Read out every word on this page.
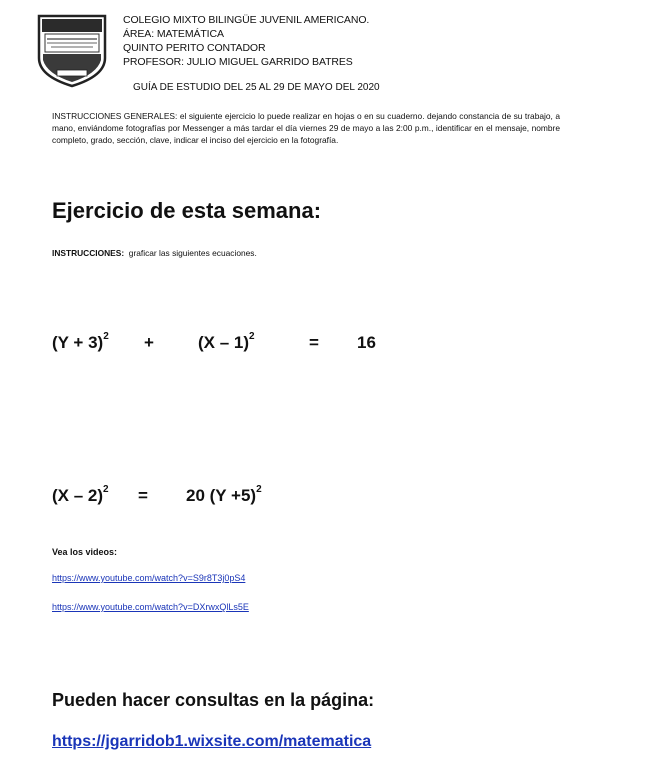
COLEGIO MIXTO BILINGÜE JUVENIL AMERICANO.
ÁREA: MATEMÁTICA
QUINTO PERITO CONTADOR
PROFESOR: JULIO MIGUEL GARRIDO BATRES
GUÍA DE ESTUDIO DEL 25 AL 29 DE MAYO DEL 2020
INSTRUCCIONES GENERALES: el siguiente ejercicio lo puede realizar en hojas o en su cuaderno. dejando constancia de su trabajo, a mano, enviándome fotografías por Messenger a más tardar el día viernes 29 de mayo a las 2:00 p.m., identificar en el mensaje, nombre completo, grado, sección, clave, indicar el inciso del ejercicio en la fotografía.
Ejercicio de esta semana:
INSTRUCCIONES: graficar las siguientes ecuaciones.
$(Y + 3)^2$ +	(X – 1)$^2$	= 16
(X – 2)$^2$ = 20 $(Y +5)^2$
Vea los videos:
https://www.youtube.com/watch?v=S9r8T3j0pS4
https://www.youtube.com/watch?v=DXrwxQlLs5E
Pueden hacer consultas en la página:
https://jgarridob1.wixsite.com/matematica
